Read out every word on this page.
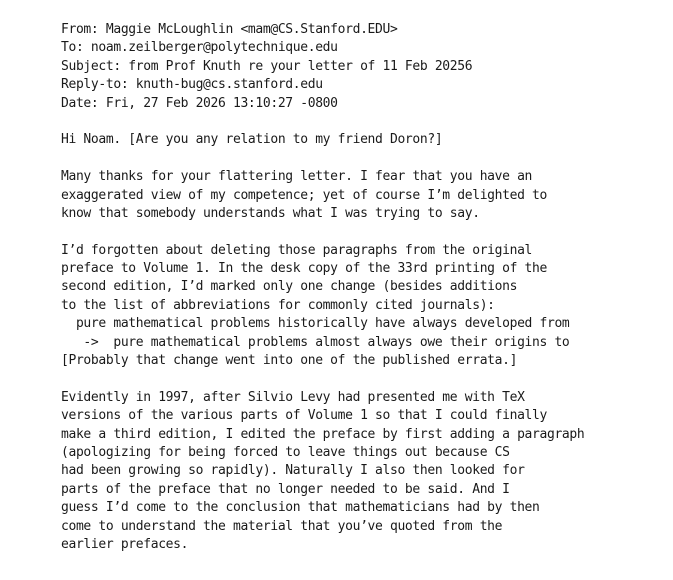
From: Maggie McLoughlin <mam@CS.Stanford.EDU>
To: noam.zeilberger@polytechnique.edu
Subject: from Prof Knuth re your letter of 11 Feb 20256
Reply-to: knuth-bug@cs.stanford.edu
Date: Fri, 27 Feb 2026 13:10:27 -0800
Hi Noam. [Are you any relation to my friend Doron?]
Many thanks for your flattering letter. I fear that you have an
exaggerated view of my competence; yet of course I’m delighted to
know that somebody understands what I was trying to say.
I’d forgotten about deleting those paragraphs from the original
preface to Volume 1. In the desk copy of the 33rd printing of the
second edition, I’d marked only one change (besides additions
to the list of abbreviations for commonly cited journals):
pure mathematical problems historically have always developed from
->  pure mathematical problems almost always owe their origins to
[Probably that change went into one of the published errata.]
Evidently in 1997, after Silvio Levy had presented me with TeX
versions of the various parts of Volume 1 so that I could finally
make a third edition, I edited the preface by first adding a paragraph
(apologizing for being forced to leave things out because CS
had been growing so rapidly). Naturally I also then looked for
parts of the preface that no longer needed to be said. And I
guess I’d come to the conclusion that mathematicians had by then
come to understand the material that you’ve quoted from the
earlier prefaces.
